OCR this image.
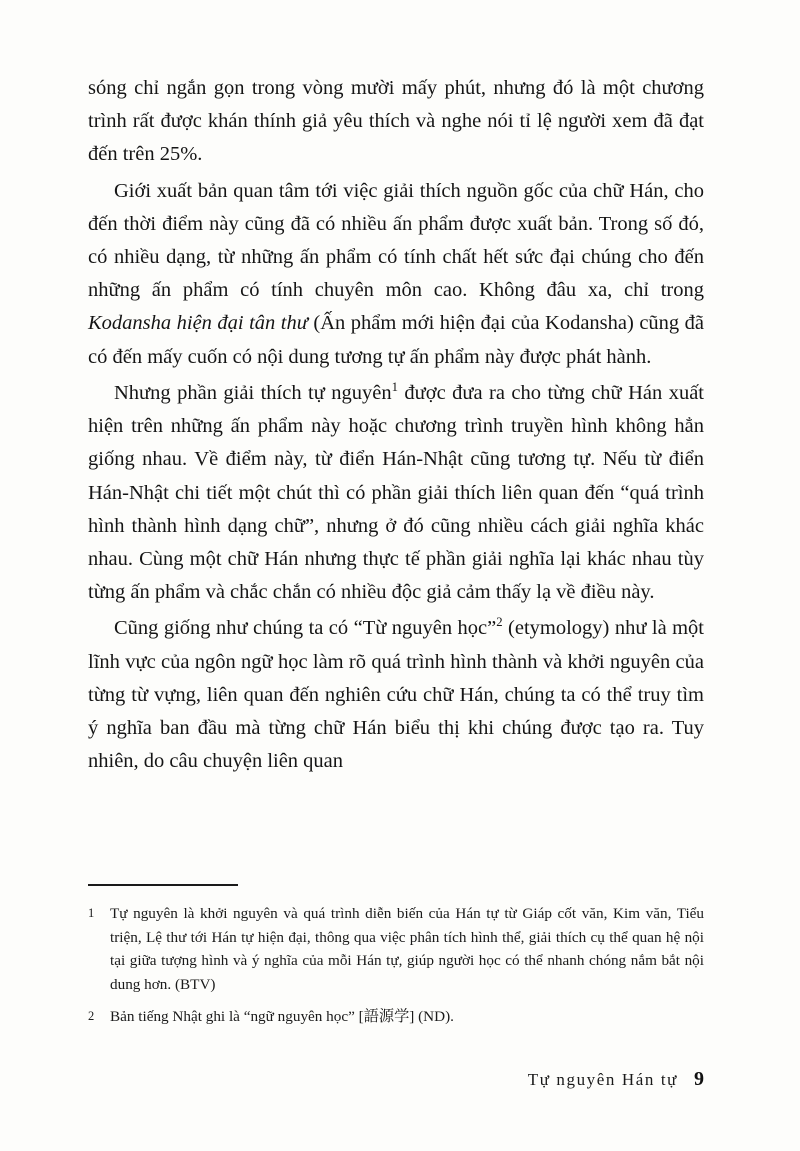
sóng chỉ ngắn gọn trong vòng mười mấy phút, nhưng đó là một chương trình rất được khán thính giả yêu thích và nghe nói tỉ lệ người xem đã đạt đến trên 25%.

Giới xuất bản quan tâm tới việc giải thích nguồn gốc của chữ Hán, cho đến thời điểm này cũng đã có nhiều ấn phẩm được xuất bản. Trong số đó, có nhiều dạng, từ những ấn phẩm có tính chất hết sức đại chúng cho đến những ấn phẩm có tính chuyên môn cao. Không đâu xa, chỉ trong Kodansha hiện đại tân thư (Ấn phẩm mới hiện đại của Kodansha) cũng đã có đến mấy cuốn có nội dung tương tự ấn phẩm này được phát hành.

Nhưng phần giải thích tự nguyên$^1$ được đưa ra cho từng chữ Hán xuất hiện trên những ấn phẩm này hoặc chương trình truyền hình không hẳn giống nhau. Về điểm này, từ điển Hán-Nhật cũng tương tự. Nếu từ điển Hán-Nhật chi tiết một chút thì có phần giải thích liên quan đến “quá trình hình thành hình dạng chữ”, nhưng ở đó cũng nhiều cách giải nghĩa khác nhau. Cùng một chữ Hán nhưng thực tế phần giải nghĩa lại khác nhau tùy từng ấn phẩm và chắc chắn có nhiều độc giả cảm thấy lạ về điều này.

Cũng giống như chúng ta có “Từ nguyên học”$^2$ (etymology) như là một lĩnh vực của ngôn ngữ học làm rõ quá trình hình thành và khởi nguyên của từng từ vựng, liên quan đến nghiên cứu chữ Hán, chúng ta có thể truy tìm ý nghĩa ban đầu mà từng chữ Hán biểu thị khi chúng được tạo ra. Tuy nhiên, do câu chuyện liên quan

1	Tự nguyên là khởi nguyên và quá trình diễn biến của Hán tự từ Giáp cốt văn, Kim văn, Tiểu triện, Lệ thư tới Hán tự hiện đại, thông qua việc phân tích hình thể, giải thích cụ thể quan hệ nội tại giữa tượng hình và ý nghĩa của mỗi Hán tự, giúp người học có thể nhanh chóng nắm bắt nội dung hơn. (BTV)
2	Bản tiếng Nhật ghi là “ngữ nguyên học” [語源学] (ND).
Tự nguyên Hán tự 9
